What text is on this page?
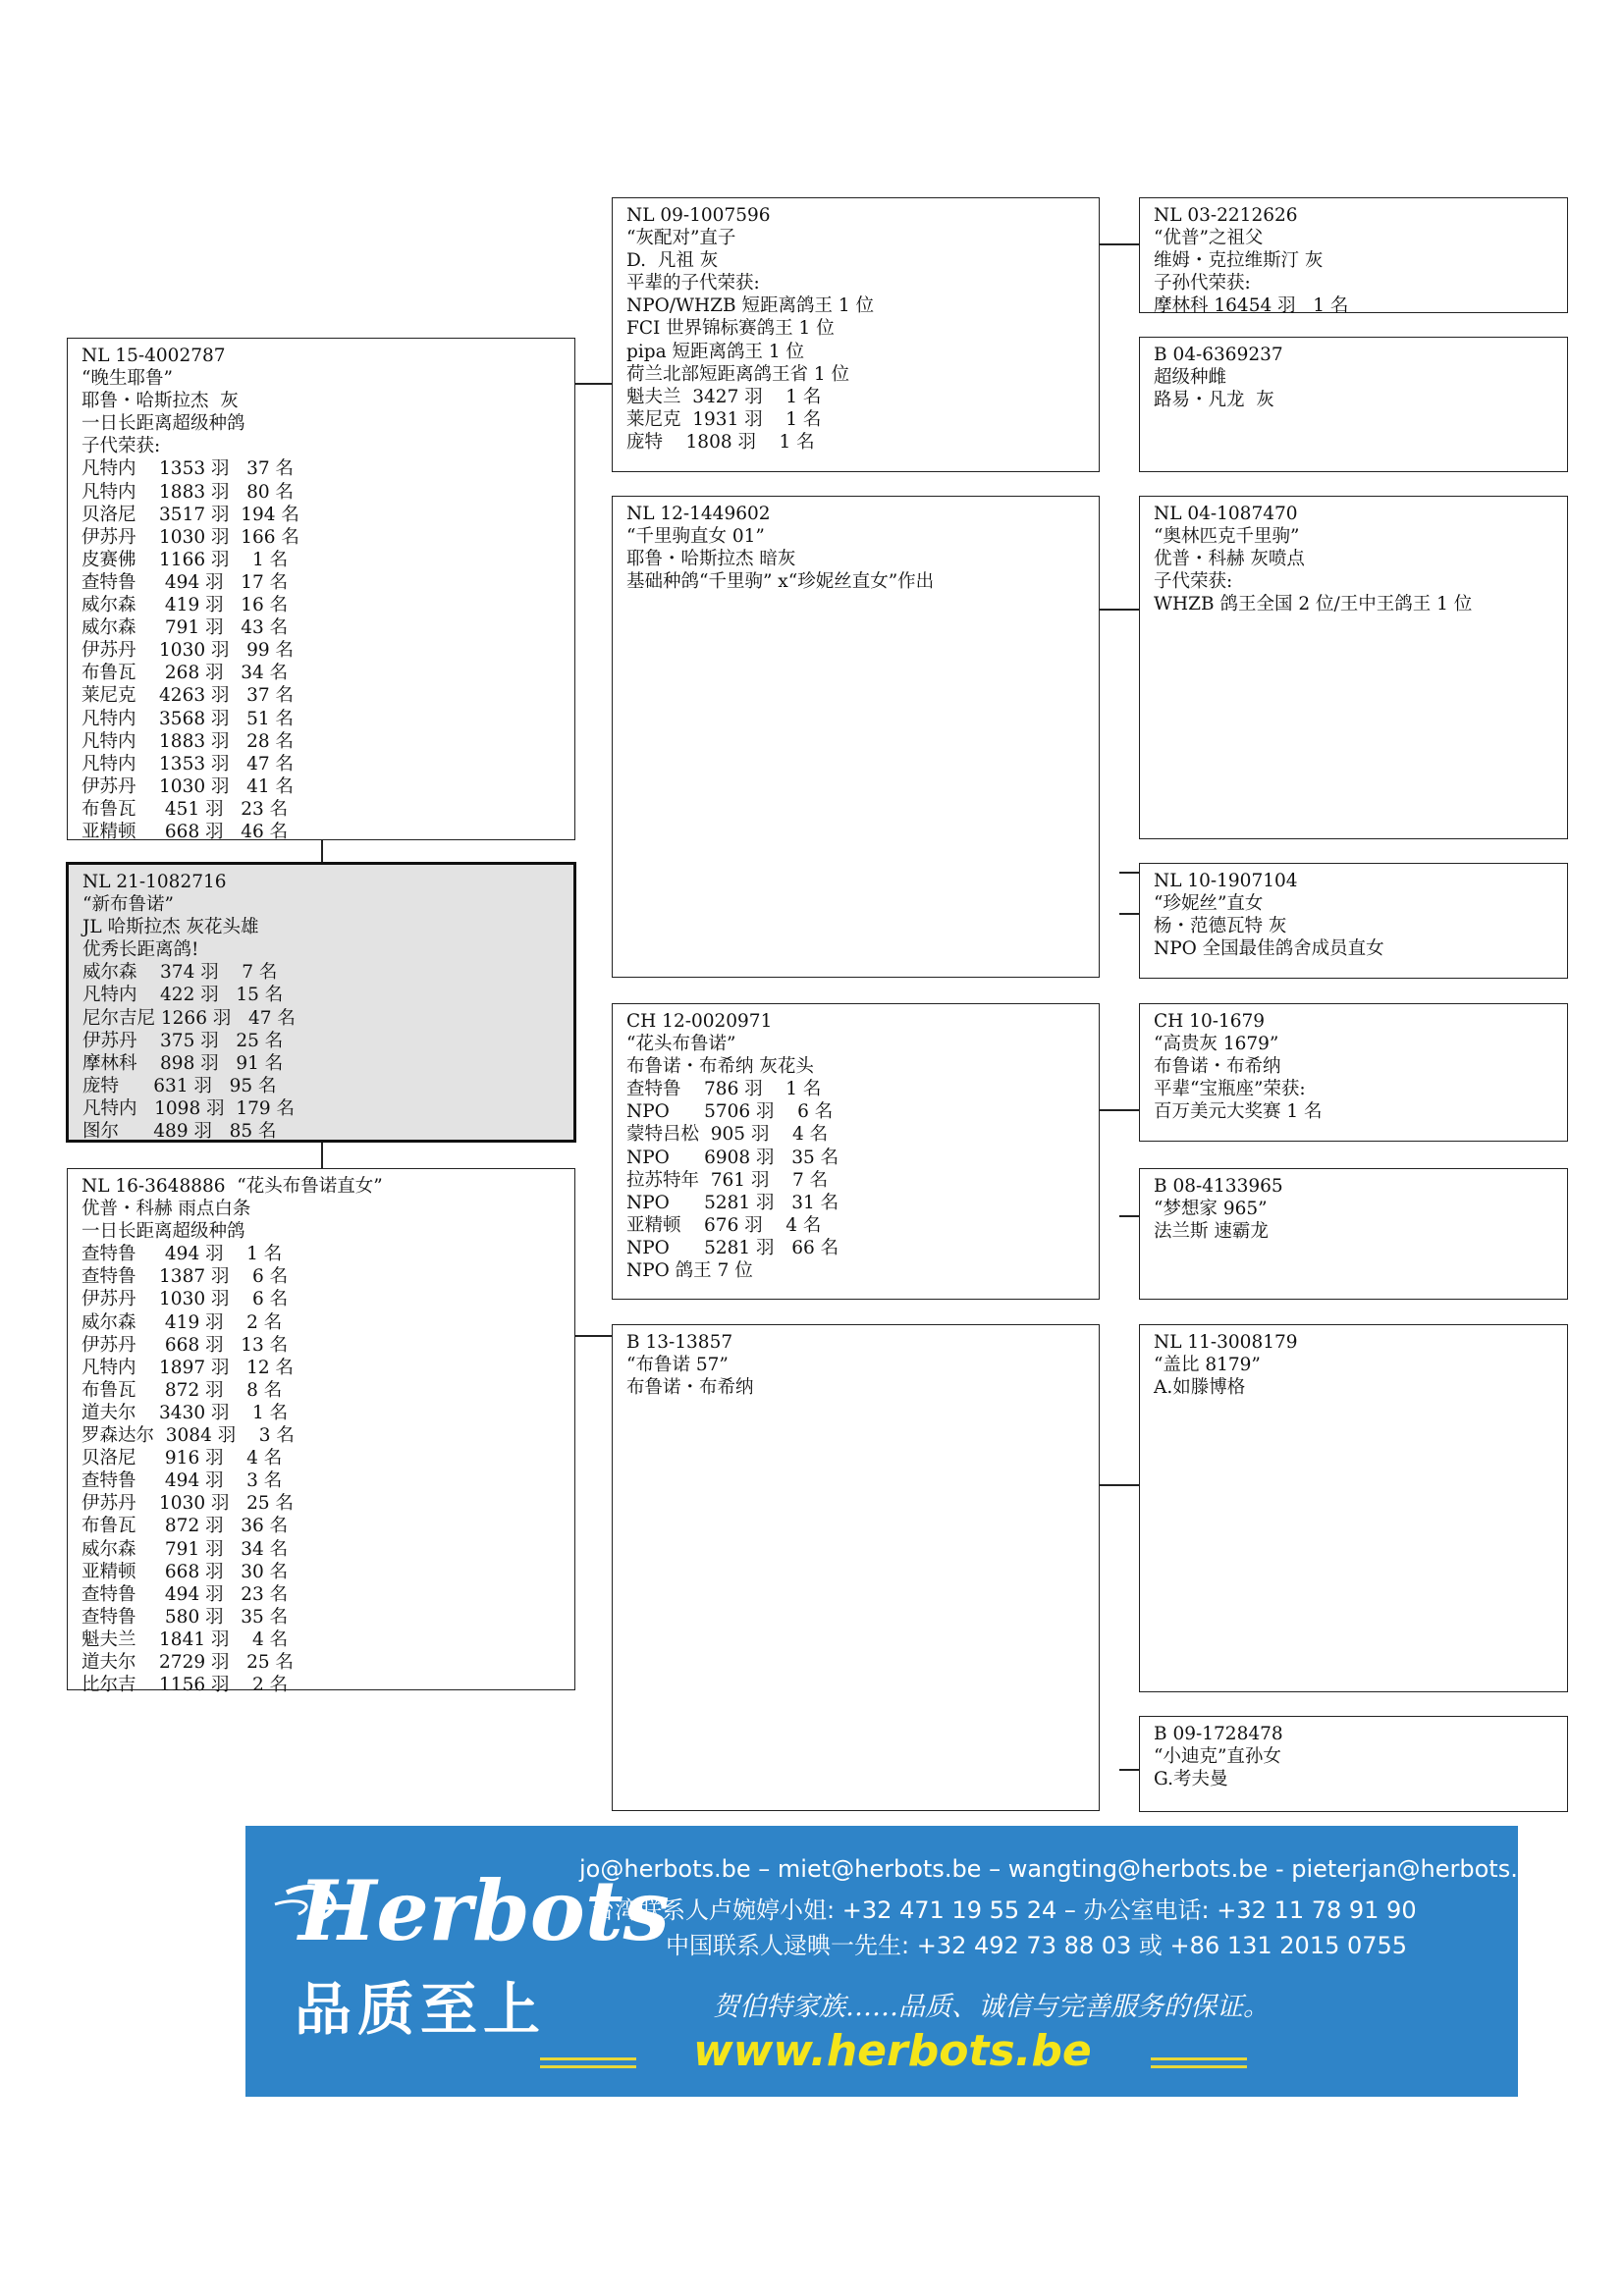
NL 15-4002787
“晚生耶鲁”
耶鲁・哈斯拉杰  灰
一日长距离超级种鸽
子代荣获:
凡特内    1353 羽   37 名
凡特内    1883 羽   80 名
贝洛尼    3517 羽  194 名
伊苏丹    1030 羽  166 名
皮赛佛    1166 羽    1 名
查特鲁     494 羽   17 名
威尔森     419 羽   16 名
威尔森     791 羽   43 名
伊苏丹    1030 羽   99 名
布鲁瓦     268 羽   34 名
莱尼克    4263 羽   37 名
凡特内    3568 羽   51 名
凡特内    1883 羽   28 名
凡特内    1353 羽   47 名
伊苏丹    1030 羽   41 名
布鲁瓦     451 羽   23 名
亚精顿     668 羽   46 名
NL 21-1082716
“新布鲁诺”
JL 哈斯拉杰 灰花头雄
优秀长距离鸽!
威尔森    374 羽    7 名
凡特内    422 羽   15 名
尼尔吉尼 1266 羽   47 名
伊苏丹    375 羽   25 名
摩林科    898 羽   91 名
庞特      631 羽   95 名
凡特内   1098 羽  179 名
图尔      489 羽   85 名
NL 16-3648886  “花头布鲁诺直女”
优普・科赫 雨点白条
一日长距离超级种鸽
查特鲁     494 羽    1 名
查特鲁    1387 羽    6 名
伊苏丹    1030 羽    6 名
威尔森     419 羽    2 名
伊苏丹     668 羽   13 名
凡特内    1897 羽   12 名
布鲁瓦     872 羽    8 名
道夫尔    3430 羽    1 名
罗森达尔  3084 羽    3 名
贝洛尼     916 羽    4 名
查特鲁     494 羽    3 名
伊苏丹    1030 羽   25 名
布鲁瓦     872 羽   36 名
威尔森     791 羽   34 名
亚精顿     668 羽   30 名
查特鲁     494 羽   23 名
查特鲁     580 羽   35 名
魁夫兰    1841 羽    4 名
道夫尔    2729 羽   25 名
比尔吉    1156 羽    2 名
NL 09-1007596
“灰配对”直子
D.  凡祖 灰
平辈的子代荣获:
NPO/WHZB 短距离鸽王 1 位
FCI 世界锦标赛鸽王 1 位
pipa 短距离鸽王 1 位
荷兰北部短距离鸽王省 1 位
魁夫兰  3427 羽    1 名
莱尼克  1931 羽    1 名
庞特    1808 羽    1 名
NL 12-1449602
“千里驹直女 01”
耶鲁・哈斯拉杰 暗灰
基础种鸽“千里驹” x“珍妮丝直女”作出
CH 12-0020971
“花头布鲁诺”
布鲁诺・布希纳 灰花头
查特鲁    786 羽    1 名
NPO      5706 羽    6 名
蒙特吕松  905 羽    4 名
NPO      6908 羽   35 名
拉苏特年  761 羽    7 名
NPO      5281 羽   31 名
亚精顿    676 羽    4 名
NPO      5281 羽   66 名
NPO 鸽王 7 位
B 13-13857
“布鲁诺 57”
布鲁诺・布希纳
NL 03-2212626
“优普”之祖父
维姆・克拉维斯汀 灰
子孙代荣获:
摩林科 16454 羽   1 名
B 04-6369237
超级种雌
路易・凡龙  灰
NL 04-1087470
“奥林匹克千里驹”
优普・科赫 灰喷点
子代荣获:
WHZB 鸽王全国 2 位/王中王鸽王 1 位
NL 10-1907104
“珍妮丝”直女
杨・范德瓦特 灰
NPO 全国最佳鸽舍成员直女
CH 10-1679
“高贵灰 1679”
布鲁诺・布希纳
平辈“宝瓶座”荣获:
百万美元大奖赛 1 名
B 08-4133965
“梦想家 965”
法兰斯 速霸龙
NL 11-3008179
“盖比 8179”
A.如滕博格
B 09-1728478
“小迪克”直孙女
G.考夫曼
Herbots
品质至上
jo@herbots.be – miet@herbots.be – wangting@herbots.be - pieterjan@herbots.be
台湾联系人卢婉婷小姐: +32 471 19 55 24 – 办公室电话: +32 11 78 91 90
中国联系人逯晪一先生: +32 492 73 88 03 或 +86 131 2015 0755
贺伯特家族……品质、诚信与完善服务的保证。
www.herbots.be
